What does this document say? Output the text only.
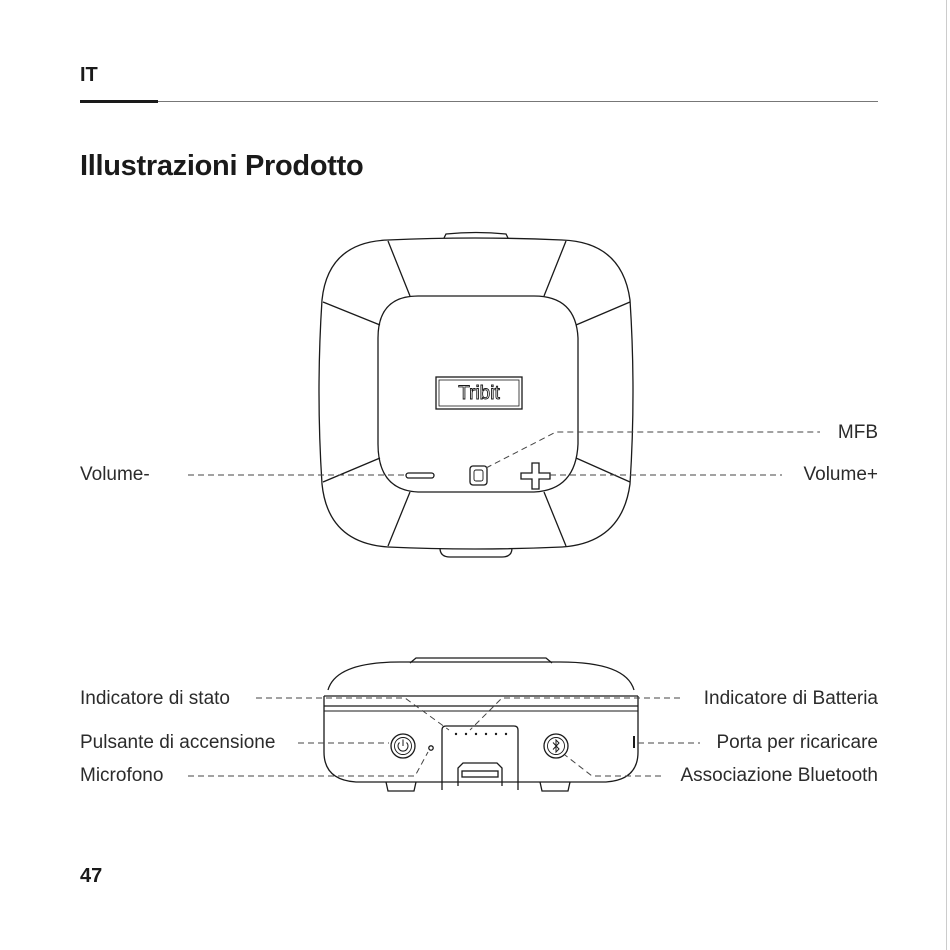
IT
Illustrazioni Prodotto
Tribit
MFB
Volume-	Volume+
Indicatore di stato	Indicatore di Batteria
Pulsante di accensione	Porta per ricaricare
Microfono	Associazione Bluetooth
47
